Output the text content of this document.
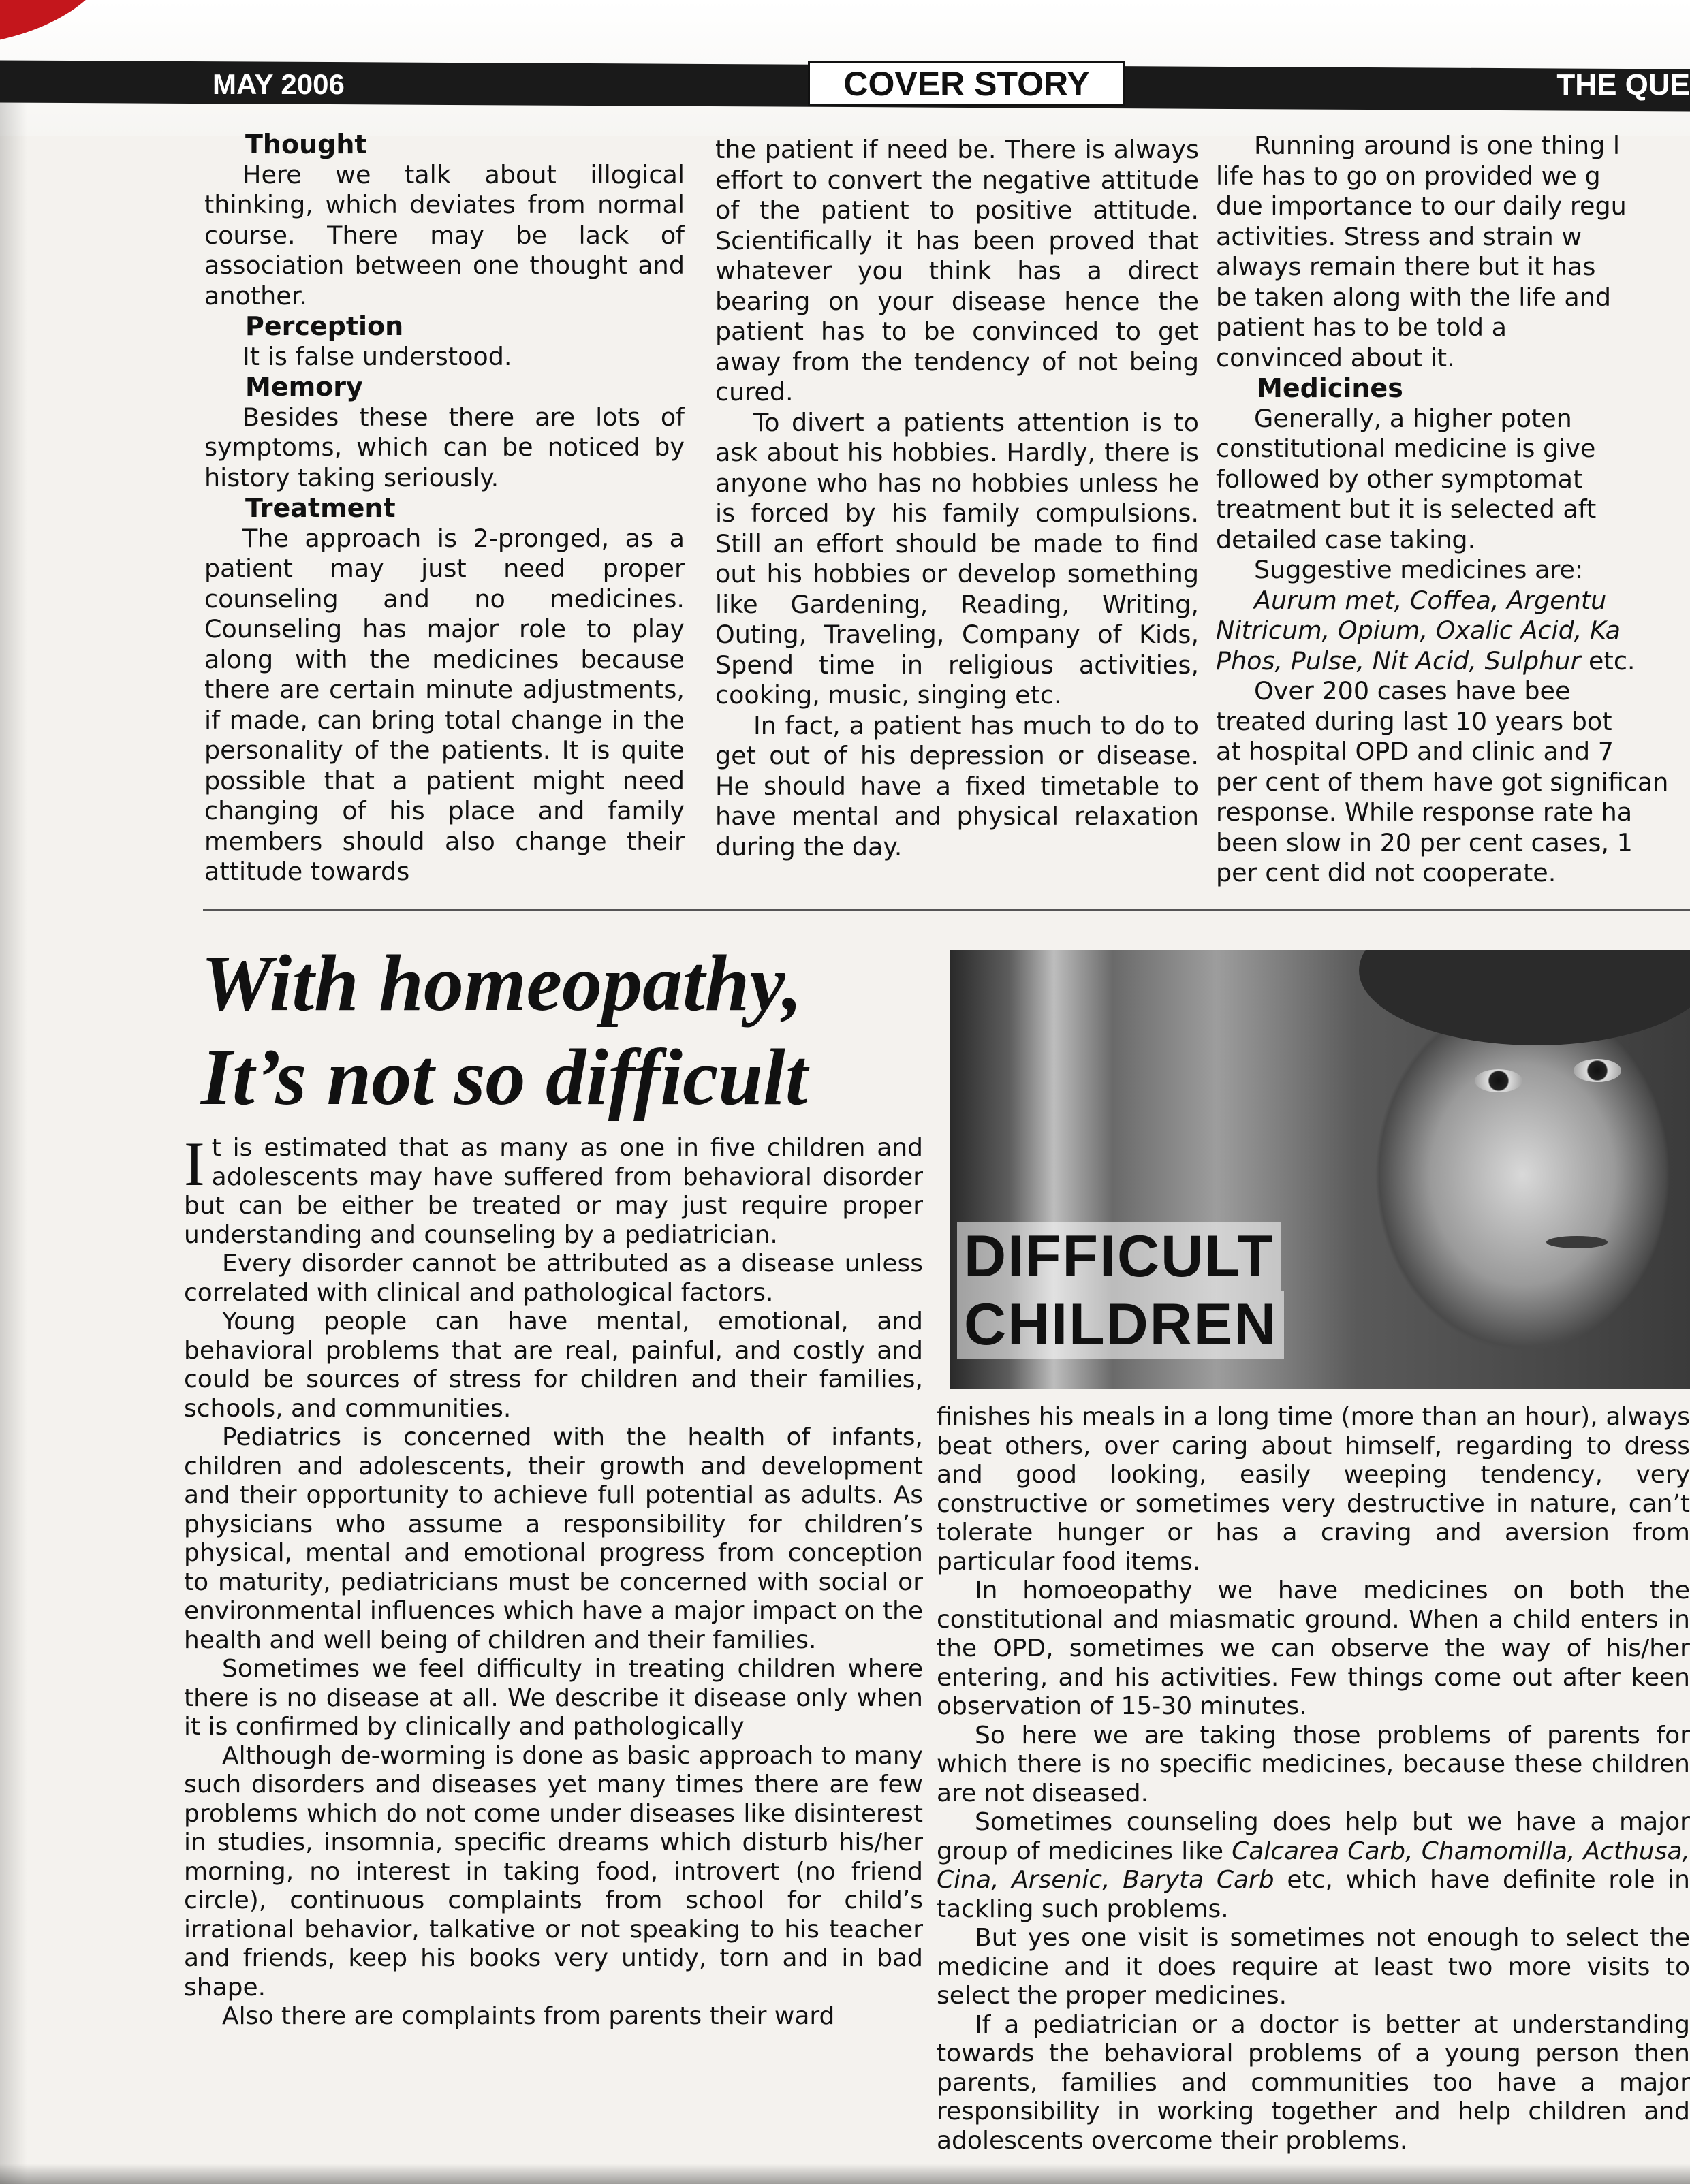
MAY 2006	COVER STORY	THE QUE
Thought

Here we talk about illogical thinking, which deviates from normal course. There may be lack of association between one thought and another.

Perception

It is false understood.

Memory

Besides these there are lots of symptoms, which can be noticed by history taking seriously.

Treatment

The approach is 2-pronged, as a patient may just need proper counseling and no medicines. Counseling has major role to play along with the medicines because there are certain minute adjustments, if made, can bring total change in the personality of the patients. It is quite possible that a patient might need changing of his place and family members should also change their attitude towards

the patient if need be. There is always effort to convert the negative attitude of the patient to positive attitude. Scientifically it has been proved that whatever you think has a direct bearing on your disease hence the patient has to be convinced to get away from the tendency of not being cured.

To divert a patients attention is to ask about his hobbies. Hardly, there is anyone who has no hobbies unless he is forced by his family compulsions. Still an effort should be made to find out his hobbies or develop something like Gardening, Reading, Writing, Outing, Traveling, Company of Kids, Spend time in religious activities, cooking, music, singing etc.

In fact, a patient has much to do to get out of his depression or disease. He should have a fixed timetable to have mental and physical relaxation during the day.

Running around is one thing l

life has to go on provided we g

due importance to our daily regu

activities. Stress and strain w

always remain there but it has

be taken along with the life and

patient has to be told a

convinced about it.

Medicines

Generally, a higher poten

constitutional medicine is give

followed by other symptomat

treatment but it is selected aft

detailed case taking.

Suggestive medicines are:

Aurum met, Coffea, Argentu

Nitricum, Opium, Oxalic Acid, Ka

Phos, Pulse, Nit Acid, Sulphur etc.

Over 200 cases have bee

treated during last 10 years bot

at hospital OPD and clinic and 7

per cent of them have got significan

response. While response rate ha

been slow in 20 per cent cases, 1

per cent did not cooperate.

With homeopathy,
It’s not so difficult
DIFFICULT
CHILDREN

It is estimated that as many as one in five children and adolescents may have suffered from behavioral disorder but can be either be treated or may just require proper understanding and counseling by a pediatrician.

Every disorder cannot be attributed as a disease unless correlated with clinical and pathological factors.

Young people can have mental, emotional, and behavioral problems that are real, painful, and costly and could be sources of stress for children and their families, schools, and communities.

Pediatrics is concerned with the health of infants, children and adolescents, their growth and development and their opportunity to achieve full potential as adults. As physicians who assume a responsibility for children’s physical, mental and emotional progress from conception to maturity, pediatricians must be concerned with social or environmental influences which have a major impact on the health and well being of children and their families.

Sometimes we feel difficulty in treating children where there is no disease at all. We describe it disease only when it is confirmed by clinically and pathologically

Although de-worming is done as basic approach to many such disorders and diseases yet many times there are few problems which do not come under diseases like disinterest in studies, insomnia, specific dreams which disturb his/her morning, no interest in taking food, introvert (no friend circle), continuous complaints from school for child’s irrational behavior, talkative or not speaking to his teacher and friends, keep his books very untidy, torn and in bad shape.

Also there are complaints from parents their ward

finishes his meals in a long time (more than an hour), always beat others, over caring about himself, regarding to dress and good looking, easily weeping tendency, very constructive or sometimes very destructive in nature, can’t tolerate hunger or has a craving and aversion from particular food items.

In homoeopathy we have medicines on both the constitutional and miasmatic ground. When a child enters in the OPD, sometimes we can observe the way of his/her entering, and his activities. Few things come out after keen observation of 15-30 minutes.

So here we are taking those problems of parents for which there is no specific medicines, because these children are not diseased.

Sometimes counseling does help but we have a major group of medicines like Calcarea Carb, Chamomilla, Acthusa, Cina, Arsenic, Baryta Carb etc, which have definite role in tackling such problems.

But yes one visit is sometimes not enough to select the medicine and it does require at least two more visits to select the proper medicines.

If a pediatrician or a doctor is better at understanding towards the behavioral problems of a young person then parents, families and communities too have a major responsibility in working together and help children and adolescents overcome their problems.
